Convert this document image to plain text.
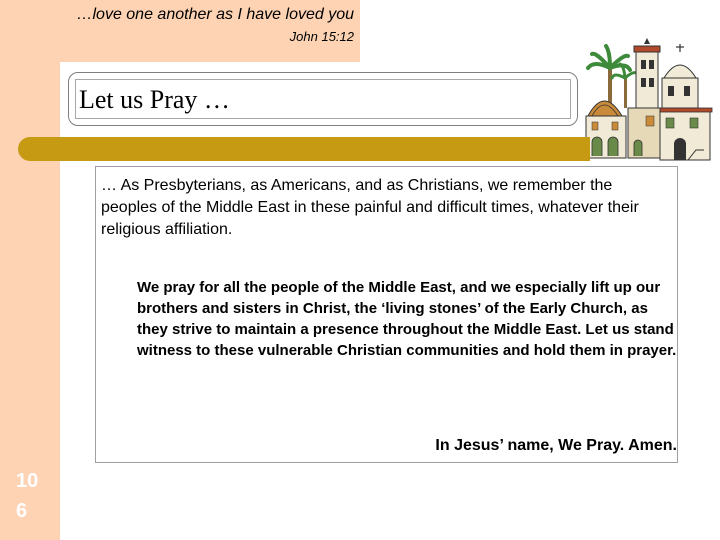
…love one another as I have loved you
John 15:12
Let us Pray …
… As Presbyterians, as Americans, and as Christians, we remember the peoples of the Middle East in these painful and difficult times, whatever their religious affiliation.
We pray for all the people of the Middle East, and we especially lift up our brothers and sisters in Christ, the ‘living stones’ of the Early Church, as they strive to maintain a presence throughout the Middle East. Let us stand witness to these vulnerable Christian communities and hold them in prayer.
In Jesus’ name, We Pray. Amen.
10 6
